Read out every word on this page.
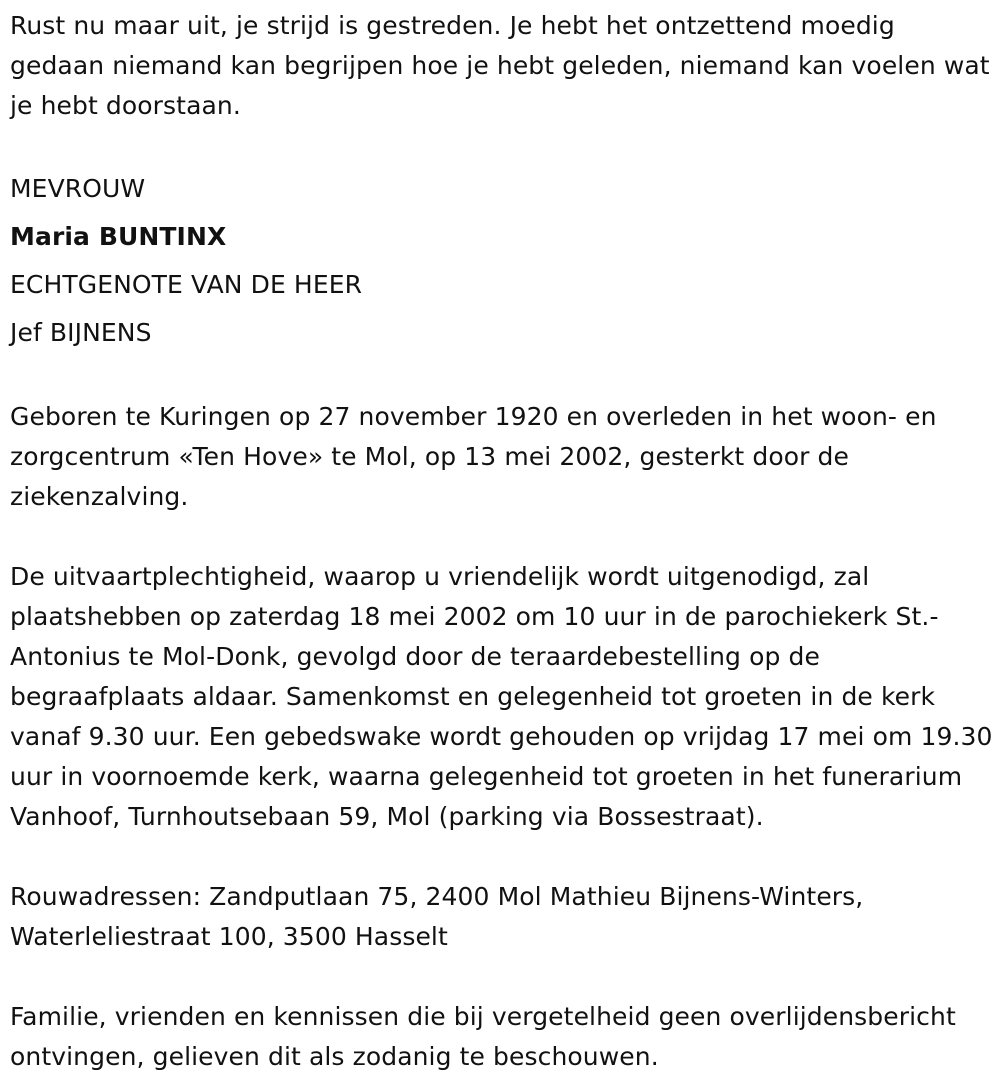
Rust nu maar uit, je strijd is gestreden. Je hebt het ontzettend moedig gedaan niemand kan begrijpen hoe je hebt geleden, niemand kan voelen wat je hebt doorstaan.

MEVROUW
Maria BUNTINX
ECHTGENOTE VAN DE HEER
Jef BIJNENS

Geboren te Kuringen op 27 november 1920 en overleden in het woon- en zorgcentrum «Ten Hove» te Mol, op 13 mei 2002, gesterkt door de ziekenzalving.

De uitvaartplechtigheid, waarop u vriendelijk wordt uitgenodigd, zal plaatshebben op zaterdag 18 mei 2002 om 10 uur in de parochiekerk St.-Antonius te Mol-Donk, gevolgd door de teraardebestelling op de begraafplaats aldaar. Samenkomst en gelegenheid tot groeten in de kerk vanaf 9.30 uur. Een gebedswake wordt gehouden op vrijdag 17 mei om 19.30 uur in voornoemde kerk, waarna gelegenheid tot groeten in het funerarium Vanhoof, Turnhoutsebaan 59, Mol (parking via Bossestraat).

Rouwadressen: Zandputlaan 75, 2400 Mol Mathieu Bijnens-Winters, Waterleliestraat 100, 3500 Hasselt

Familie, vrienden en kennissen die bij vergetelheid geen overlijdensbericht ontvingen, gelieven dit als zodanig te beschouwen.
